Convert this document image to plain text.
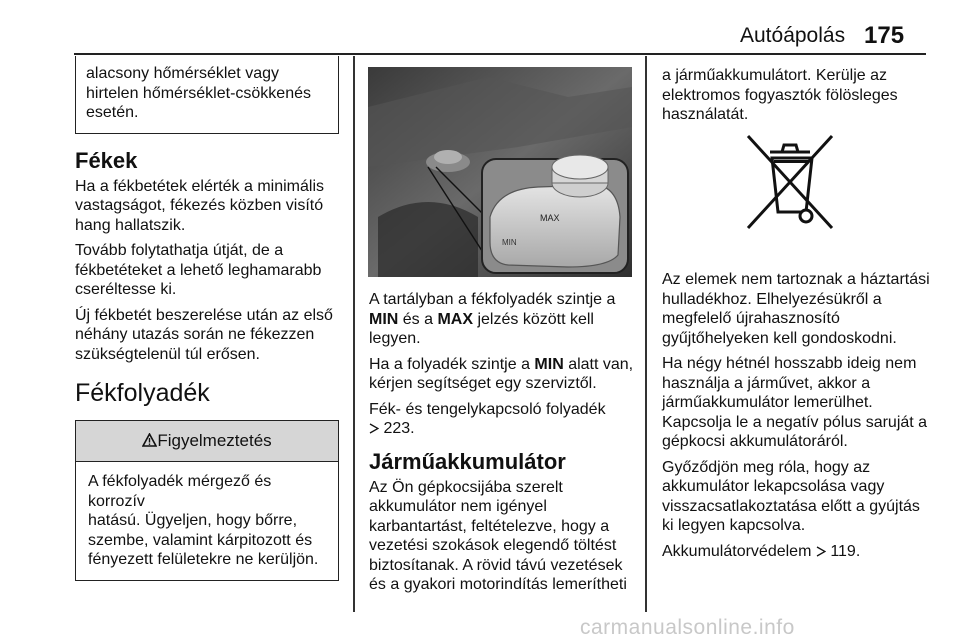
Autóápolás 175
alacsony hőmérséklet vagy
hirtelen hőmérséklet-csökkenés
esetén.
Fékek

Ha a fékbetétek elérték a minimális
vastagságot, fékezés közben visító
hang hallatszik.

Tovább folytathatja útját, de a
fékbetéteket a lehető leghamarabb
cseréltesse ki.

Új fékbetét beszerelése után az első
néhány utazás során ne fékezzen
szükségtelenül túl erősen.

Fékfolyadék
Figyelmeztetés
A fékfolyadék mérgező és korrozív
hatású. Ügyeljen, hogy bőrre,
szembe, valamint kárpitozott és
fényezett felületekre ne kerüljön.
MAX
MIN

A tartályban a fékfolyadék szintje a
MIN és a MAX jelzés között kell
legyen.

Ha a folyadék szintje a MIN alatt van,
kérjen segítséget egy szerviztől.

Fék- és tengelykapcsoló folyadék
223.

Járműakkumulátor

Az Ön gépkocsijába szerelt
akkumulátor nem igényel
karbantartást, feltételezve, hogy a
vezetési szokások elegendő töltést
biztosítanak. A rövid távú vezetések
és a gyakori motorindítás lemerítheti

a járműakkumulátort. Kerülje az
elektromos fogyasztók fölösleges
használatát.

Az elemek nem tartoznak a háztartási
hulladékhoz. Elhelyezésükről a
megfelelő újrahasznosító
gyűjtőhelyeken kell gondoskodni.

Ha négy hétnél hosszabb ideig nem
használja a járművet, akkor a
járműakkumulátor lemerülhet.
Kapcsolja le a negatív pólus saruját a
gépkocsi akkumulátoráról.

Győződjön meg róla, hogy az
akkumulátor lekapcsolása vagy
visszacsatlakoztatása előtt a gyújtás
ki legyen kapcsolva.

Akkumulátorvédelem 119.

carmanualsonline.info
